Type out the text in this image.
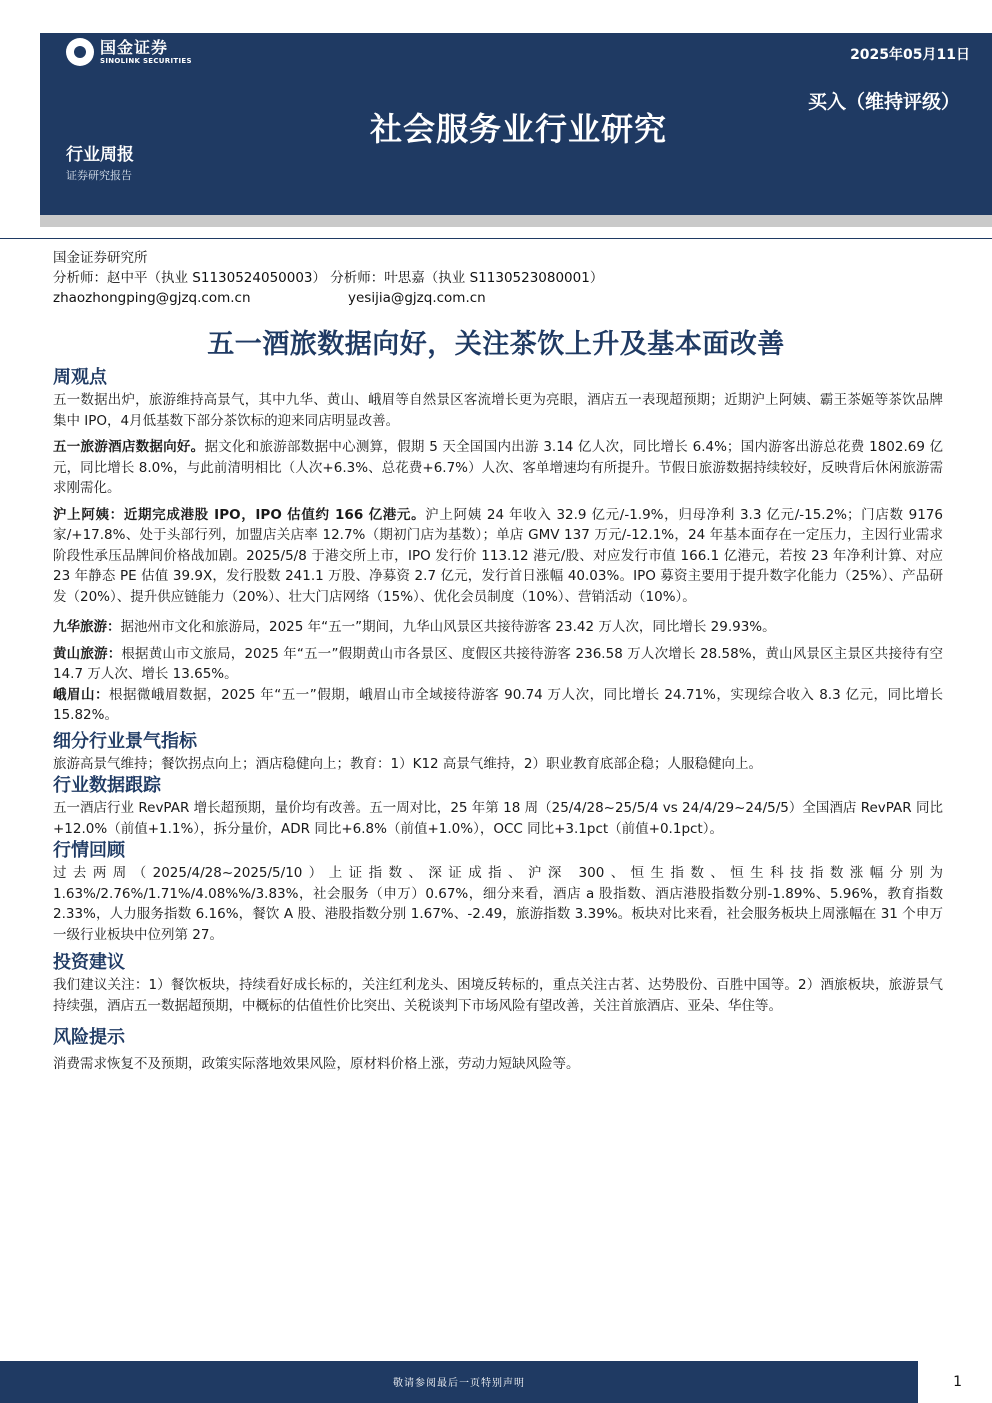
国金证券
SINOLINK SECURITIES	2025年05月11日
买入（维持评级）
社会服务业行业研究
行业周报
证券研究报告
国金证券研究所
分析师：赵中平（执业 S1130524050003） 分析师：叶思嘉（执业 S1130523080001）
zhaozhongping@gjzq.com.cn	yesijia@gjzq.com.cn
五一酒旅数据向好，关注茶饮上升及基本面改善
周观点

五一数据出炉，旅游维持高景气，其中九华、黄山、峨眉等自然景区客流增长更为亮眼，酒店五一表现超预期；近期沪上阿姨、霸王茶姬等茶饮品牌集中 IPO，4月低基数下部分茶饮标的迎来同店明显改善。

五一旅游酒店数据向好。据文化和旅游部数据中心测算，假期 5 天全国国内出游 3.14 亿人次，同比增长 6.4%；国内游客出游总花费 1802.69 亿元，同比增长 8.0%，与此前清明相比（人次+6.3%、总花费+6.7%）人次、客单增速均有所提升。节假日旅游数据持续较好，反映背后休闲旅游需求刚需化。

沪上阿姨：近期完成港股 IPO，IPO 估值约 166 亿港元。沪上阿姨 24 年收入 32.9 亿元/-1.9%，归母净利 3.3 亿元/-15.2%；门店数 9176 家/+17.8%、处于头部行列，加盟店关店率 12.7%（期初门店为基数）；单店 GMV 137 万元/-12.1%，24 年基本面存在一定压力，主因行业需求阶段性承压品牌间价格战加剧。2025/5/8 于港交所上市，IPO 发行价 113.12 港元/股、对应发行市值 166.1 亿港元，若按 23 年净利计算、对应 23 年静态 PE 估值 39.9X，发行股数 241.1 万股、净募资 2.7 亿元，发行首日涨幅 40.03%。IPO 募资主要用于提升数字化能力（25%）、产品研发（20%）、提升供应链能力（20%）、壮大门店网络（15%）、优化会员制度（10%）、营销活动（10%）。

九华旅游：据池州市文化和旅游局，2025 年“五一”期间，九华山风景区共接待游客 23.42 万人次，同比增长 29.93%。

黄山旅游：根据黄山市文旅局，2025 年“五一”假期黄山市各景区、度假区共接待游客 236.58 万人次增长 28.58%，黄山风景区主景区共接待有空 14.7 万人次、增长 13.65%。

峨眉山：根据微峨眉数据，2025 年“五一”假期，峨眉山市全域接待游客 90.74 万人次，同比增长 24.71%，实现综合收入 8.3 亿元，同比增长 15.82%。

细分行业景气指标

旅游高景气维持；餐饮拐点向上；酒店稳健向上；教育：1）K12 高景气维持，2）职业教育底部企稳；人服稳健向上。

行业数据跟踪

五一酒店行业 RevPAR 增长超预期，量价均有改善。五一周对比，25 年第 18 周（25/4/28~25/5/4 vs 24/4/29~24/5/5）全国酒店 RevPAR 同比+12.0%（前值+1.1%），拆分量价，ADR 同比+6.8%（前值+1.0%），OCC 同比+3.1pct（前值+0.1pct）。

行情回顾

过去两周（2025/4/28~2025/5/10）上证指数、深证成指、沪深 300、恒生指数、恒生科技指数涨幅分别为1.63%/2.76%/1.71%/4.08%%/3.83%，社会服务（申万）0.67%，细分来看，酒店 a 股指数、酒店港股指数分别-1.89%、5.96%，教育指数 2.33%，人力服务指数 6.16%，餐饮 A 股、港股指数分别 1.67%、-2.49，旅游指数 3.39%。板块对比来看，社会服务板块上周涨幅在 31 个申万一级行业板块中位列第 27。

投资建议

我们建议关注：1）餐饮板块，持续看好成长标的，关注红利龙头、困境反转标的，重点关注古茗、达势股份、百胜中国等。2）酒旅板块，旅游景气持续强，酒店五一数据超预期，中概标的估值性价比突出、关税谈判下市场风险有望改善，关注首旅酒店、亚朵、华住等。

风险提示

消费需求恢复不及预期，政策实际落地效果风险，原材料价格上涨，劳动力短缺风险等。

敬请参阅最后一页特别声明	1
